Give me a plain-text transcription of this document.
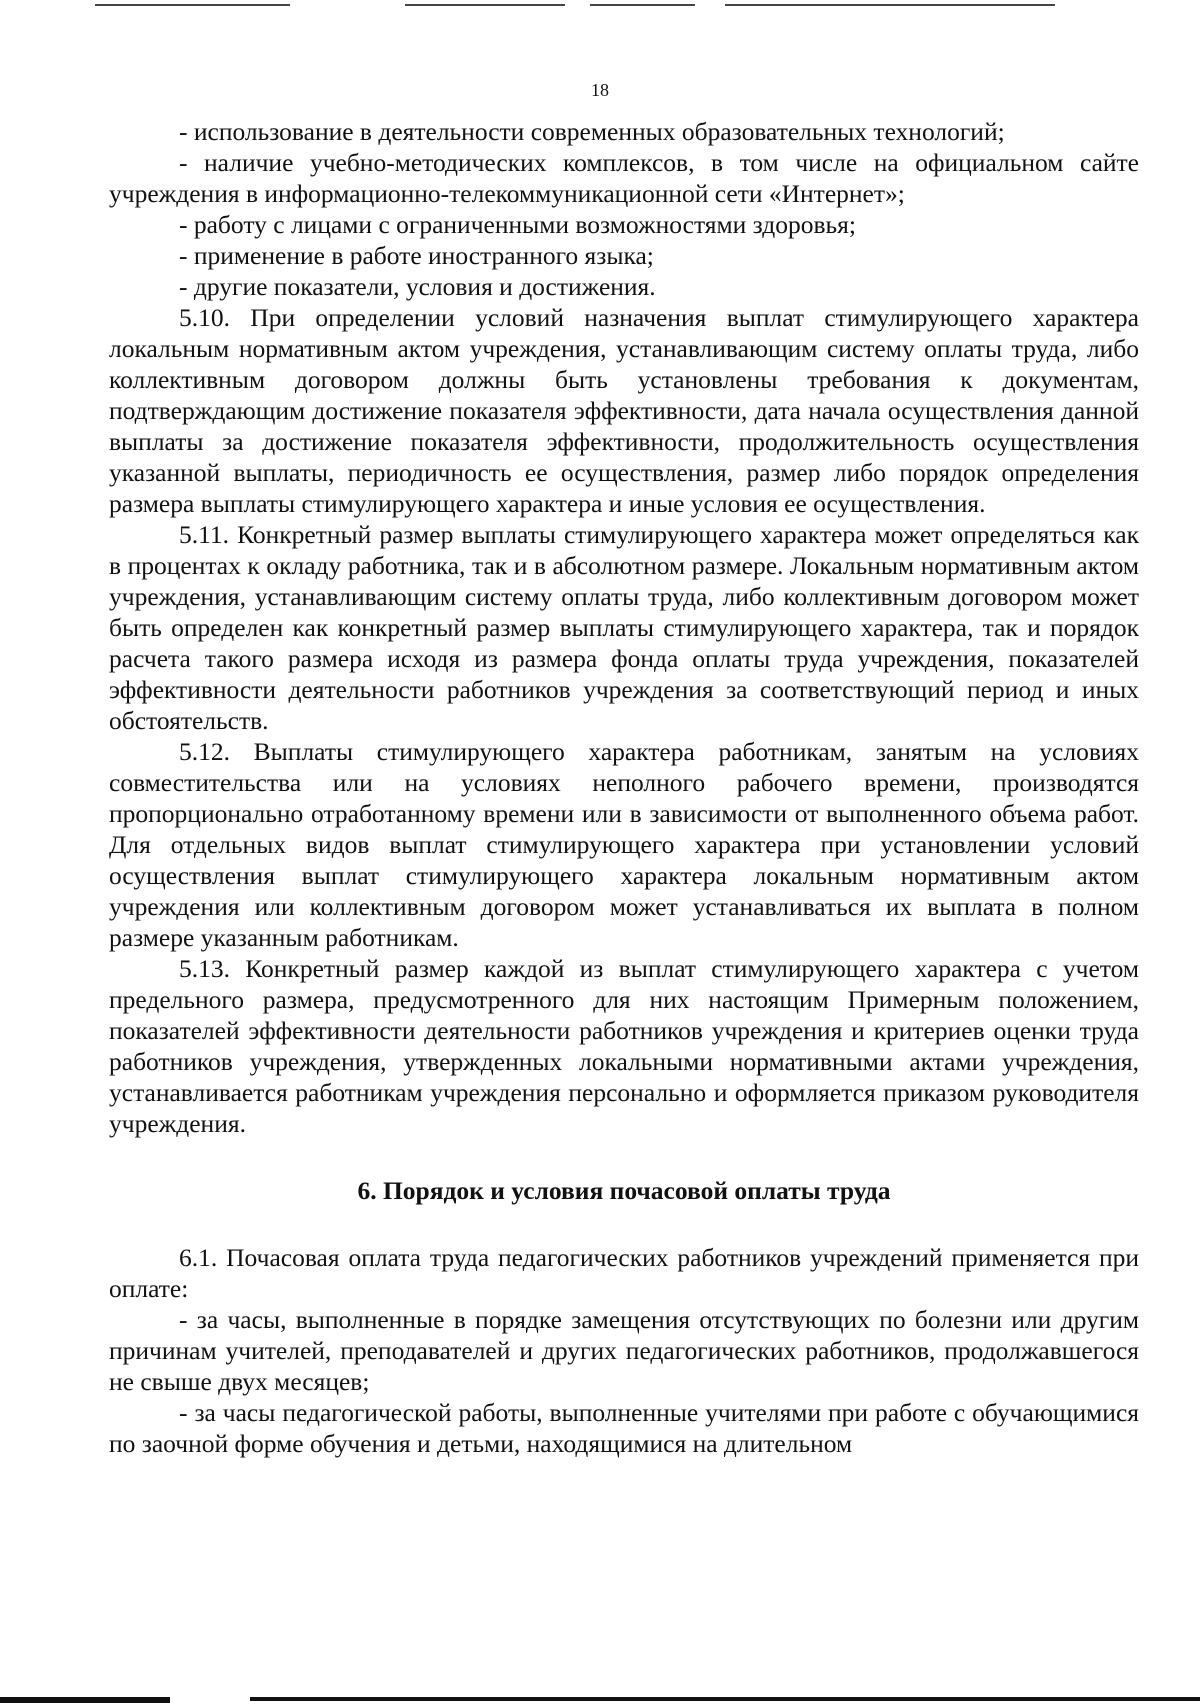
18

- использование в деятельности современных образовательных технологий;

- наличие учебно-методических комплексов, в том числе на официальном сайте учреждения в информационно-телекоммуникационной сети «Интернет»;

- работу с лицами с ограниченными возможностями здоровья;

- применение в работе иностранного языка;

- другие показатели, условия и достижения.

5.10. При определении условий назначения выплат стимулирующего характера локальным нормативным актом учреждения, устанавливающим систему оплаты труда, либо коллективным договором должны быть установлены требования к документам, подтверждающим достижение показателя эффективности, дата начала осуществления данной выплаты за достижение показателя эффективности, продолжительность осуществления указанной выплаты, периодичность ее осуществления, размер либо порядок определения размера выплаты стимулирующего характера и иные условия ее осуществления.

5.11. Конкретный размер выплаты стимулирующего характера может определяться как в процентах к окладу работника, так и в абсолютном размере. Локальным нормативным актом учреждения, устанавливающим систему оплаты труда, либо коллективным договором может быть определен как конкретный размер выплаты стимулирующего характера, так и порядок расчета такого размера исходя из размера фонда оплаты труда учреждения, показателей эффективности деятельности работников учреждения за соответствующий период и иных обстоятельств.

5.12. Выплаты стимулирующего характера работникам, занятым на условиях совместительства или на условиях неполного рабочего времени, производятся пропорционально отработанному времени или в зависимости от выполненного объема работ. Для отдельных видов выплат стимулирующего характера при установлении условий осуществления выплат стимулирующего характера локальным нормативным актом учреждения или коллективным договором может устанавливаться их выплата в полном размере указанным работникам.

5.13. Конкретный размер каждой из выплат стимулирующего характера с учетом предельного размера, предусмотренного для них настоящим Примерным положением, показателей эффективности деятельности работников учреждения и критериев оценки труда работников учреждения, утвержденных локальными нормативными актами учреждения, устанавливается работникам учреждения персонально и оформляется приказом руководителя учреждения.

6. Порядок и условия почасовой оплаты труда

6.1. Почасовая оплата труда педагогических работников учреждений применяется при оплате:

- за часы, выполненные в порядке замещения отсутствующих по болезни или другим причинам учителей, преподавателей и других педагогических работников, продолжавшегося не свыше двух месяцев;

- за часы педагогической работы, выполненные учителями при работе с обучающимися по заочной форме обучения и детьми, находящимися на длительном
